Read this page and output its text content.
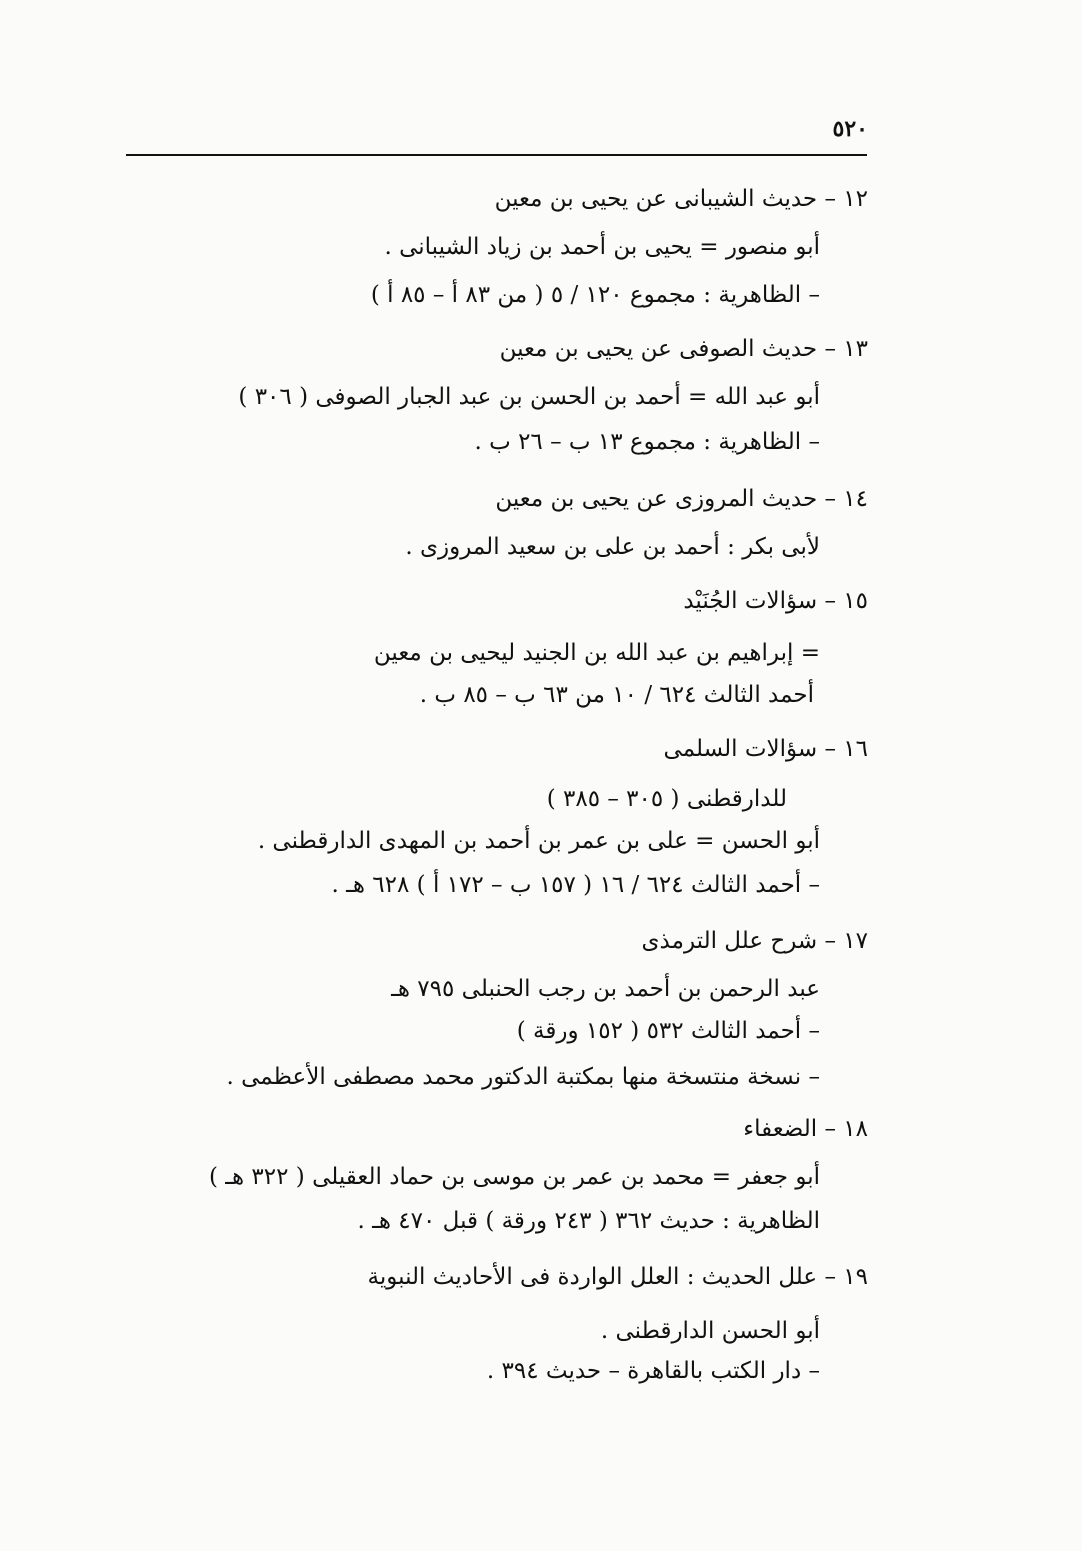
٥٢٠
١٢ – حديث الشيبانى عن يحيى بن معين
أبو منصور = يحيى بن أحمد بن زياد الشيبانى .
– الظاهرية : مجموع ١٢٠ / ٥ ( من ٨٣ أ – ٨٥ أ )
١٣ – حديث الصوفى عن يحيى بن معين
أبو عبد الله = أحمد بن الحسن بن عبد الجبار الصوفى ( ٣٠٦ )
– الظاهرية : مجموع ١٣ ب – ٢٦ ب .
١٤ – حديث المروزى عن يحيى بن معين
لأبى بكر : أحمد بن على بن سعيد المروزى .
١٥ – سؤالات الجُنَيْد
= إبراهيم بن عبد الله بن الجنيد ليحيى بن معين
أحمد الثالث ٦٢٤ / ١٠ من ٦٣ ب – ٨٥ ب .
١٦ – سؤالات السلمى
للدارقطنى ( ٣٠٥ – ٣٨٥ )
أبو الحسن = على بن عمر بن أحمد بن المهدى الدارقطنى .
– أحمد الثالث ٦٢٤ / ١٦ ( ١٥٧ ب – ١٧٢ أ ) ٦٢٨ هـ .
١٧ – شرح علل الترمذى
عبد الرحمن بن أحمد بن رجب الحنبلى ٧٩٥ هـ
– أحمد الثالث ٥٣٢ ( ١٥٢ ورقة )
– نسخة منتسخة منها بمكتبة الدكتور محمد مصطفى الأعظمى .
١٨ – الضعفاء
أبو جعفر = محمد بن عمر بن موسى بن حماد العقيلى ( ٣٢٢ هـ )
الظاهرية : حديث ٣٦٢ ( ٢٤٣ ورقة ) قبل ٤٧٠ هـ .
١٩ – علل الحديث : العلل الواردة فى الأحاديث النبوية
أبو الحسن الدارقطنى .
– دار الكتب بالقاهرة – حديث ٣٩٤ .
